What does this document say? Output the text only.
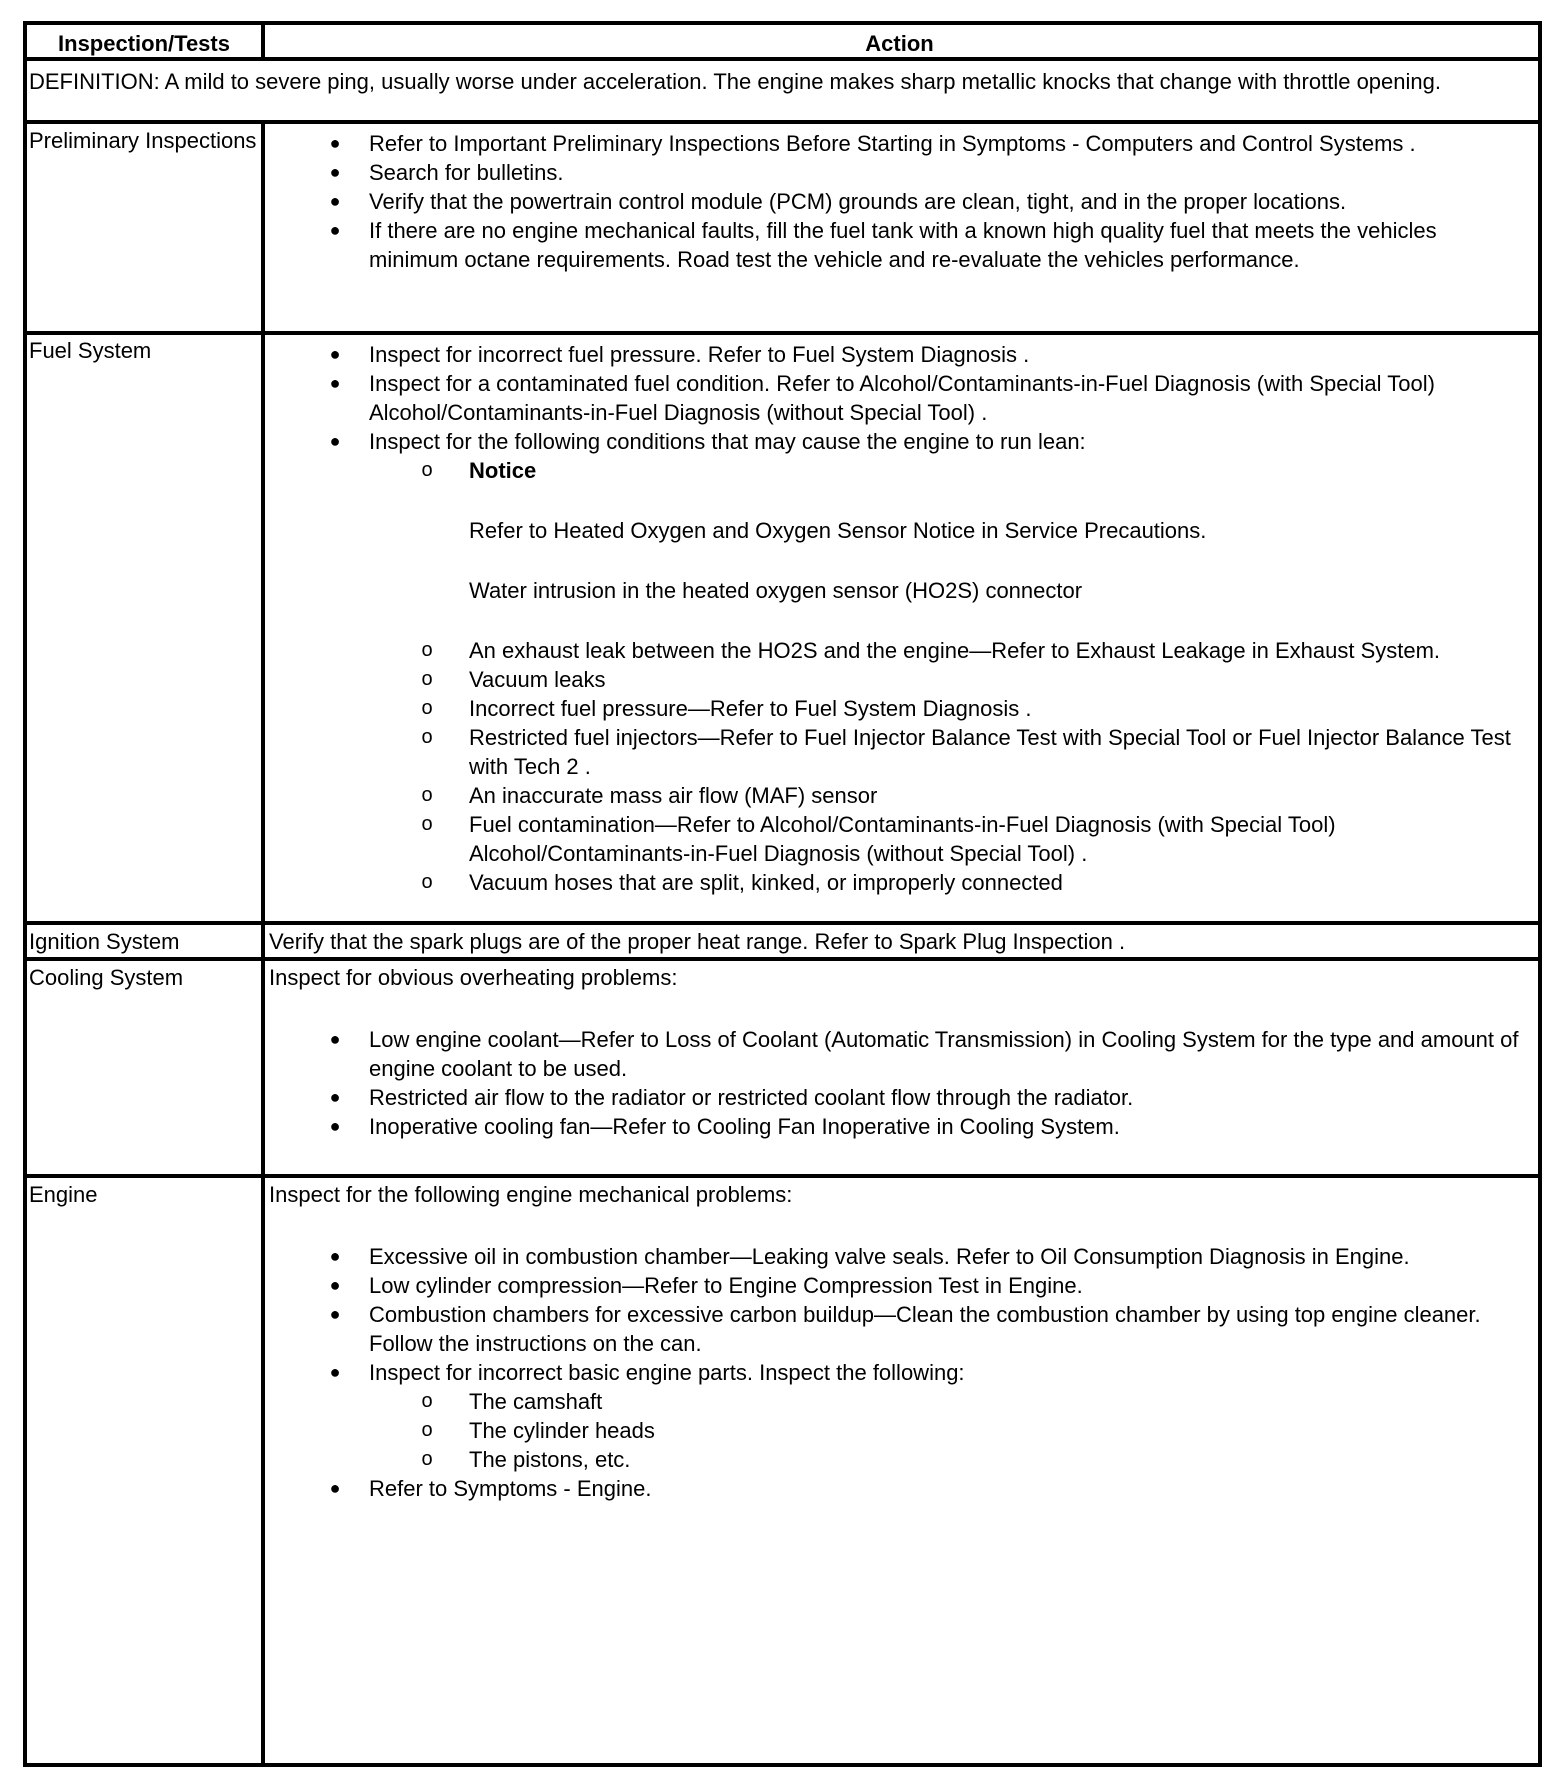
Inspection/Tests	Action
DEFINITION: A mild to severe ping, usually worse under acceleration. The engine makes sharp metallic knocks that change with throttle opening.
Preliminary Inspections	● Refer to Important Preliminary Inspections Before Starting in Symptoms - Computers and Control Systems .
● Search for bulletins.
● Verify that the powertrain control module (PCM) grounds are clean, tight, and in the proper locations.
● If there are no engine mechanical faults, fill the fuel tank with a known high quality fuel that meets the vehicles minimum octane requirements. Road test the vehicle and re-evaluate the vehicles performance.
Fuel System	● Inspect for incorrect fuel pressure. Refer to Fuel System Diagnosis .
● Inspect for a contaminated fuel condition. Refer to Alcohol/Contaminants-in-Fuel Diagnosis (with Special Tool) Alcohol/Contaminants-in-Fuel Diagnosis (without Special Tool) .
● Inspect for the following conditions that may cause the engine to run lean:
o Notice
Refer to Heated Oxygen and Oxygen Sensor Notice in Service Precautions.
Water intrusion in the heated oxygen sensor (HO2S) connector
o An exhaust leak between the HO2S and the engine—Refer to Exhaust Leakage in Exhaust System.
o Vacuum leaks
o Incorrect fuel pressure—Refer to Fuel System Diagnosis .
o Restricted fuel injectors—Refer to Fuel Injector Balance Test with Special Tool or Fuel Injector Balance Test with Tech 2 .
o An inaccurate mass air flow (MAF) sensor
o Fuel contamination—Refer to Alcohol/Contaminants-in-Fuel Diagnosis (with Special Tool) Alcohol/Contaminants-in-Fuel Diagnosis (without Special Tool) .
o Vacuum hoses that are split, kinked, or improperly connected
Ignition System	Verify that the spark plugs are of the proper heat range. Refer to Spark Plug Inspection .
Cooling System	Inspect for obvious overheating problems:
● Low engine coolant—Refer to Loss of Coolant (Automatic Transmission) in Cooling System for the type and amount of engine coolant to be used.
● Restricted air flow to the radiator or restricted coolant flow through the radiator.
● Inoperative cooling fan—Refer to Cooling Fan Inoperative in Cooling System.
Engine	Inspect for the following engine mechanical problems:
● Excessive oil in combustion chamber—Leaking valve seals. Refer to Oil Consumption Diagnosis in Engine.
● Low cylinder compression—Refer to Engine Compression Test in Engine.
● Combustion chambers for excessive carbon buildup—Clean the combustion chamber by using top engine cleaner. Follow the instructions on the can.
● Inspect for incorrect basic engine parts. Inspect the following:
o The camshaft
o The cylinder heads
o The pistons, etc.
● Refer to Symptoms - Engine.
